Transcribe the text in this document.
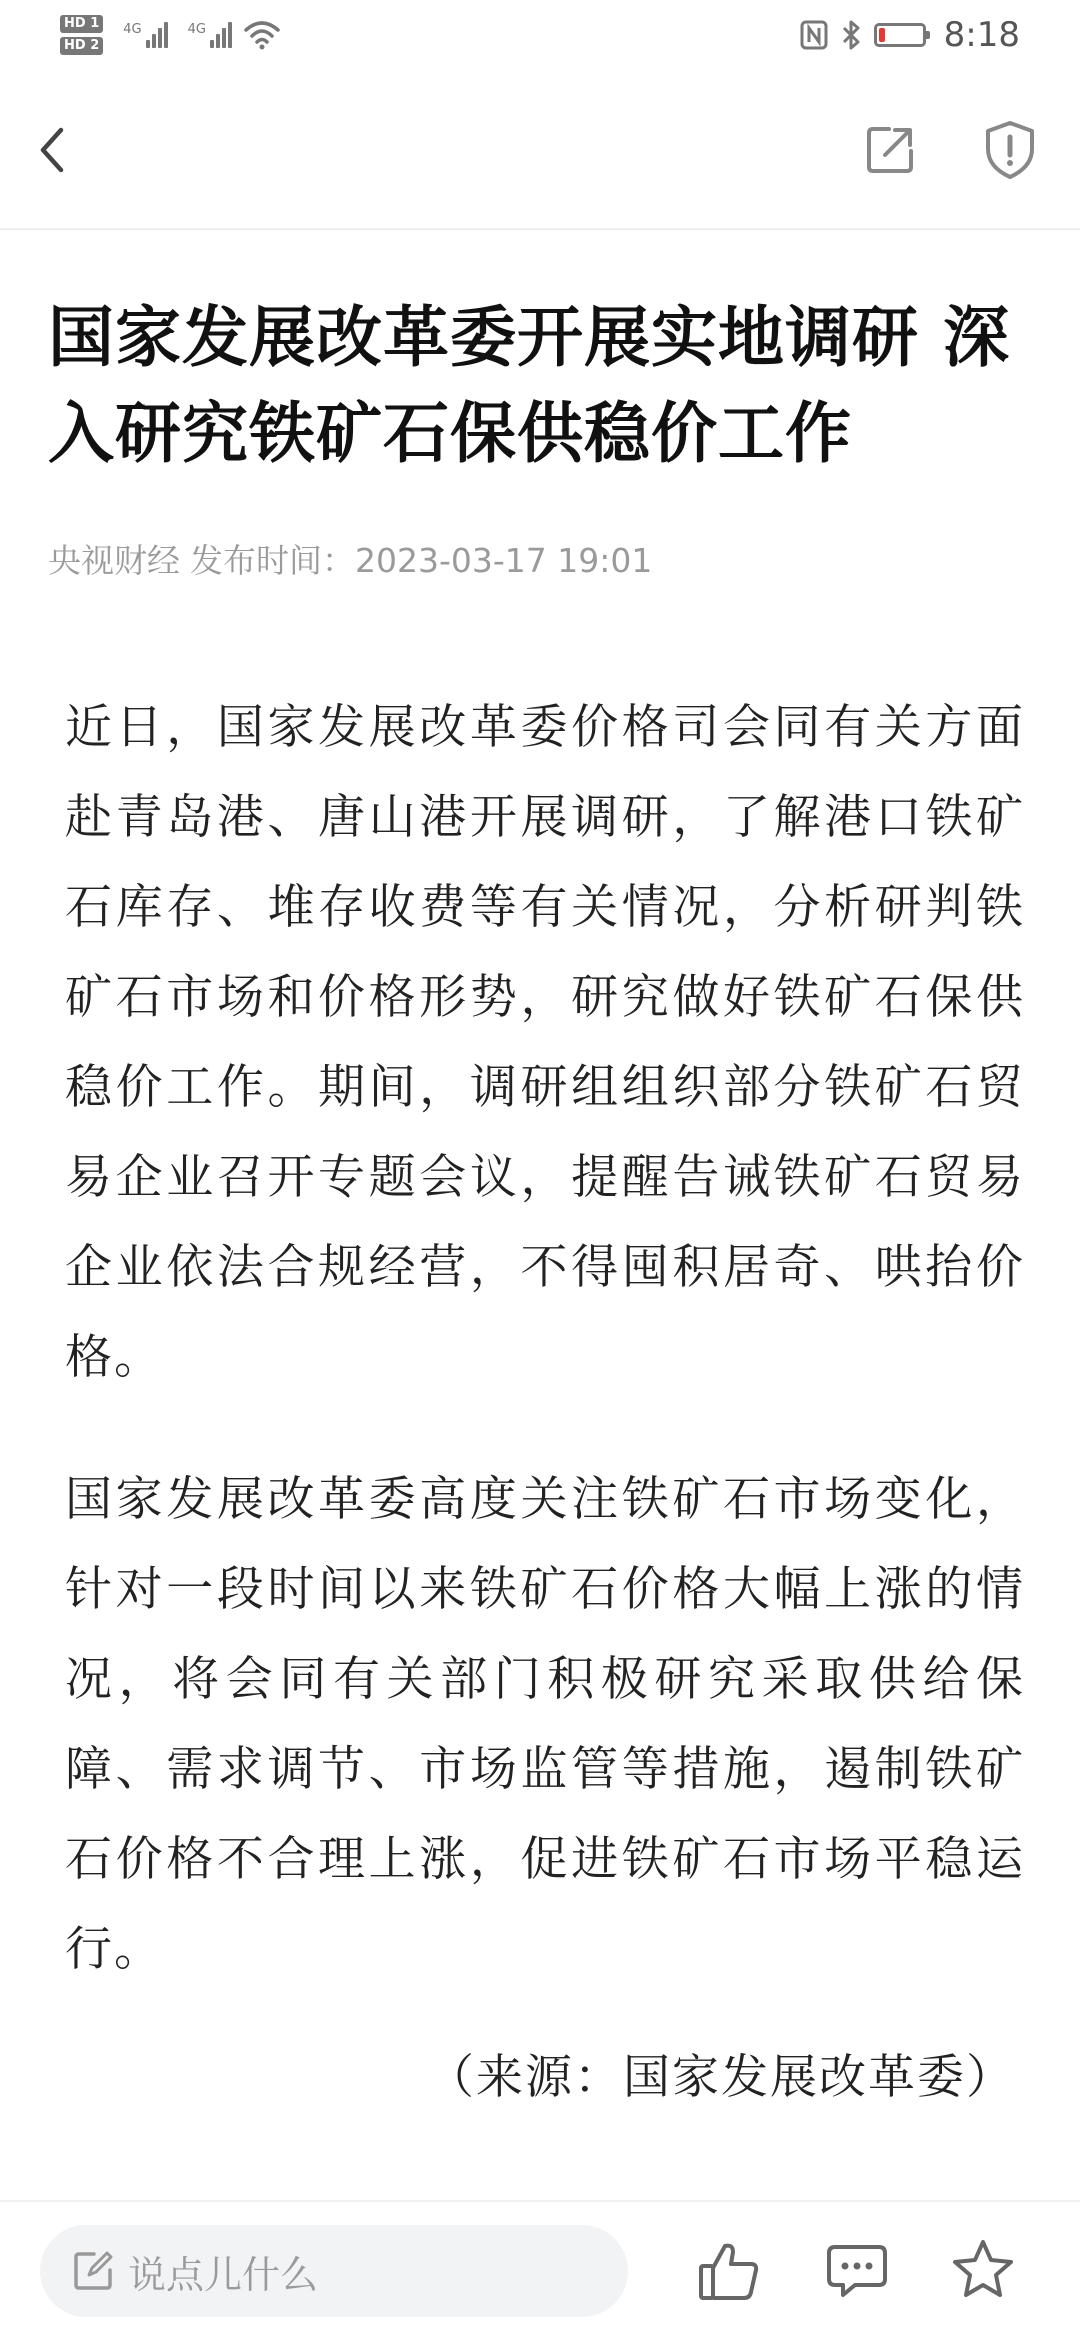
HD 1
HD 2
4G	4G	8:18
国家发展改革委开展实地调研 深入研究铁矿石保供稳价工作
央视财经 发布时间：2023-03-17 19:01

近日，国家发展改革委价格司会同有关方面赴青岛港、唐山港开展调研，了解港口铁矿石库存、堆存收费等有关情况，分析研判铁矿石市场和价格形势，研究做好铁矿石保供稳价工作。期间，调研组组织部分铁矿石贸易企业召开专题会议，提醒告诫铁矿石贸易企业依法合规经营，不得囤积居奇、哄抬价格。

国家发展改革委高度关注铁矿石市场变化，针对一段时间以来铁矿石价格大幅上涨的情况，将会同有关部门积极研究采取供给保障、需求调节、市场监管等措施，遏制铁矿石价格不合理上涨，促进铁矿石市场平稳运行。

（来源：国家发展改革委）
说点儿什么
